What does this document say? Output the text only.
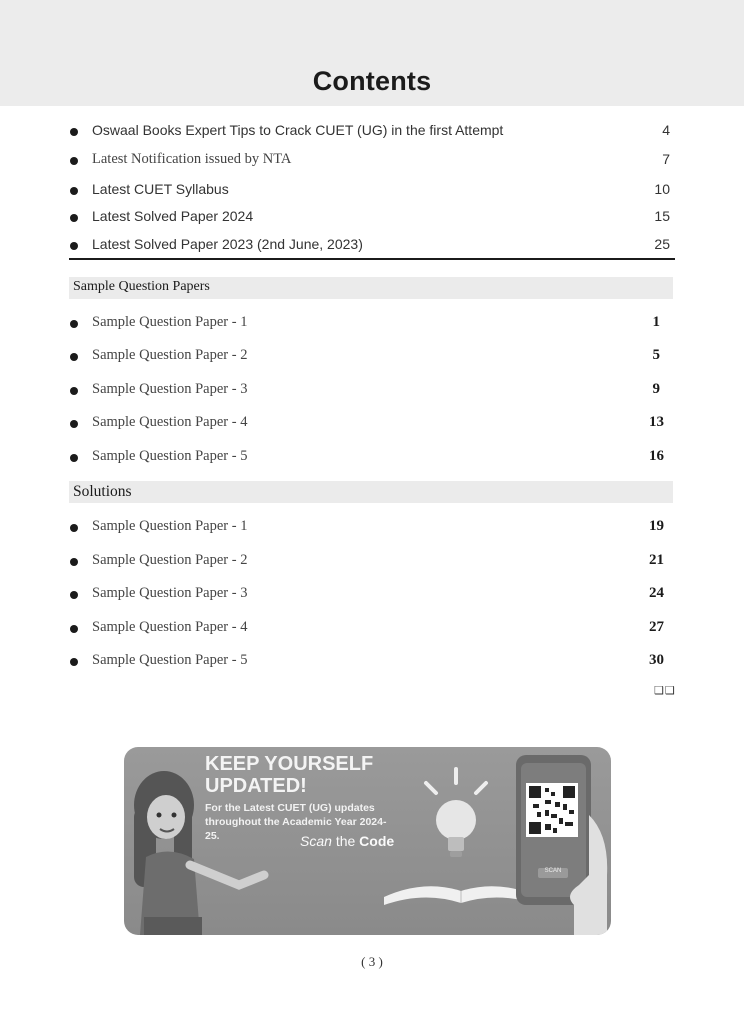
Contents
Oswaal Books Expert Tips to Crack CUET (UG) in the first Attempt	4
Latest Notification issued by NTA	7
Latest CUET Syllabus	10
Latest Solved Paper 2024	15
Latest Solved Paper 2023 (2nd June, 2023)	25
Sample Question Papers
Sample Question Paper - 1	1
Sample Question Paper - 2	5
Sample Question Paper - 3	9
Sample Question Paper - 4	13
Sample Question Paper - 5	16
Solutions
Sample Question Paper - 1	19
Sample Question Paper - 2	21
Sample Question Paper - 3	24
Sample Question Paper - 4	27
Sample Question Paper - 5	30
❑❑
KEEP YOURSELF
UPDATED!
For the Latest CUET (UG) updates throughout the Academic Year 2024-25.	Scan the Code
SCAN
( 3 )
